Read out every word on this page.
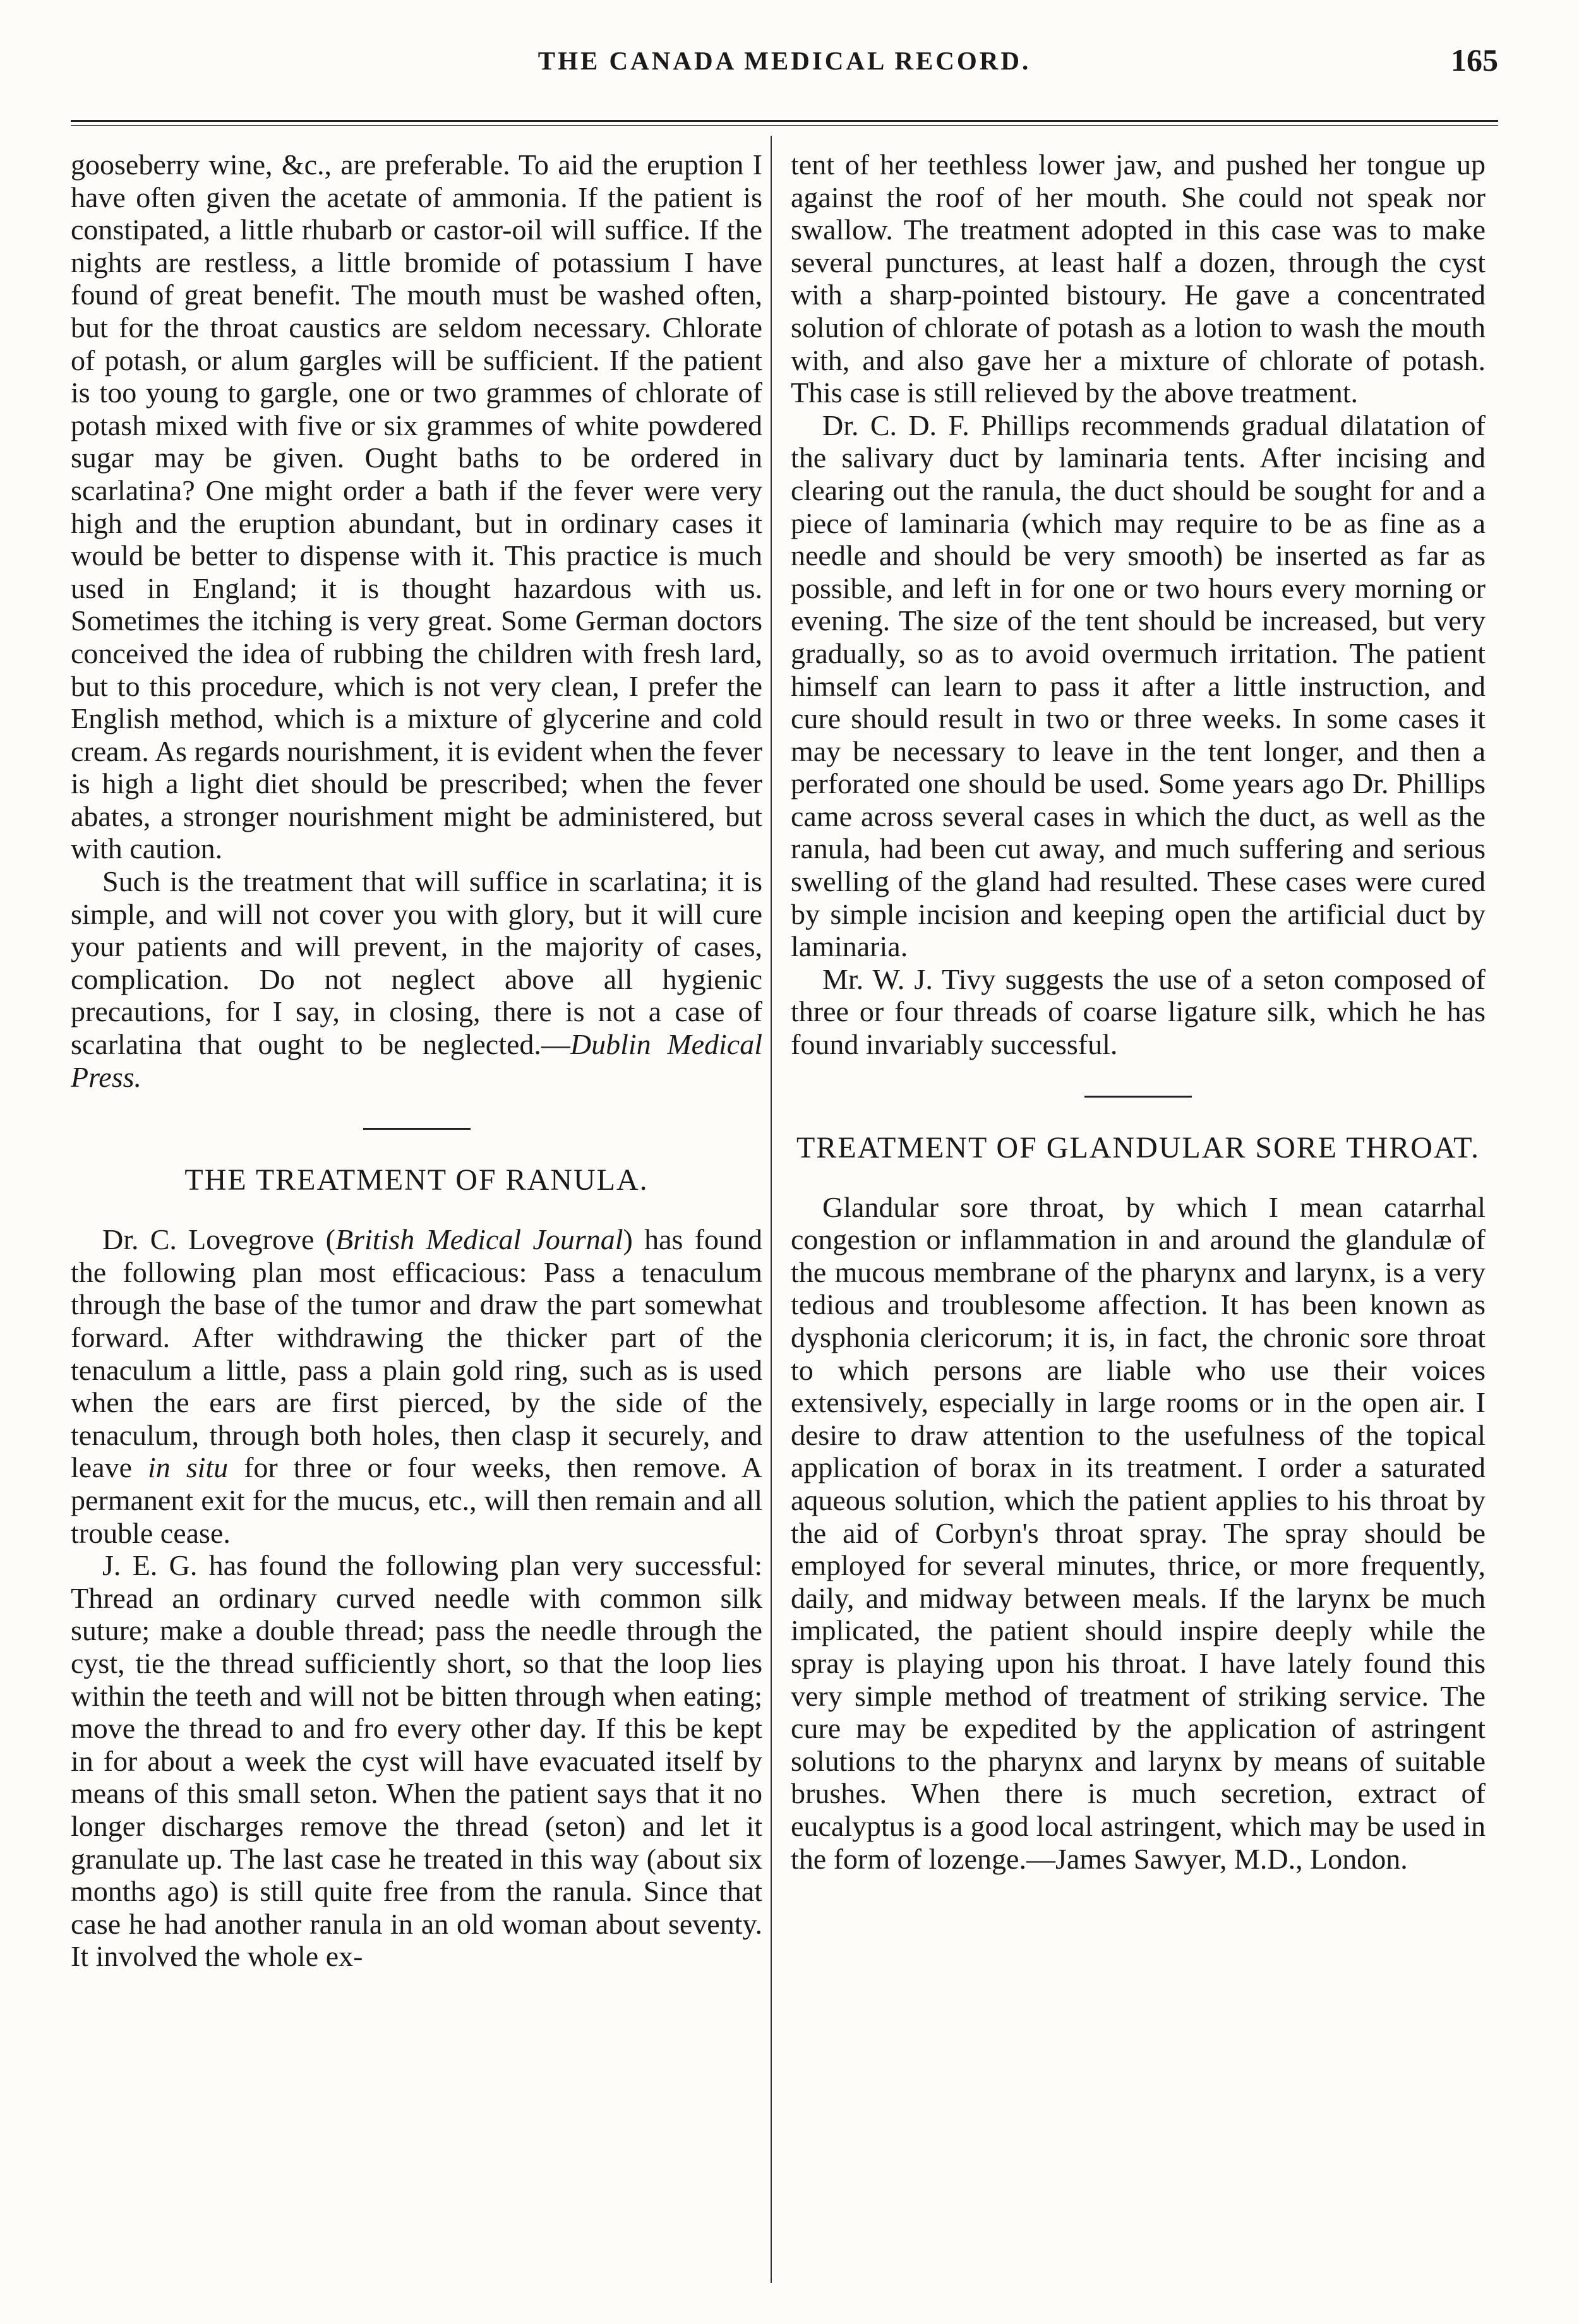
THE CANADA MEDICAL RECORD.	165

gooseberry wine, &c., are preferable. To aid the eruption I have often given the acetate of ammonia. If the patient is constipated, a little rhubarb or castor-oil will suffice. If the nights are restless, a little bromide of potassium I have found of great benefit. The mouth must be washed often, but for the throat caustics are seldom necessary. Chlorate of potash, or alum gargles will be sufficient. If the patient is too young to gargle, one or two grammes of chlorate of potash mixed with five or six grammes of white powdered sugar may be given. Ought baths to be ordered in scarlatina? One might order a bath if the fever were very high and the eruption abundant, but in ordinary cases it would be better to dispense with it. This practice is much used in England; it is thought hazardous with us. Sometimes the itching is very great. Some German doctors conceived the idea of rubbing the children with fresh lard, but to this procedure, which is not very clean, I prefer the English method, which is a mixture of glycerine and cold cream. As regards nourishment, it is evident when the fever is high a light diet should be prescribed; when the fever abates, a stronger nourishment might be administered, but with caution.

Such is the treatment that will suffice in scarlatina; it is simple, and will not cover you with glory, but it will cure your patients and will prevent, in the majority of cases, complication. Do not neglect above all hygienic precautions, for I say, in closing, there is not a case of scarlatina that ought to be neglected.—Dublin Medical Press.

THE TREATMENT OF RANULA.

Dr. C. Lovegrove (British Medical Journal) has found the following plan most efficacious: Pass a tenaculum through the base of the tumor and draw the part somewhat forward. After withdrawing the thicker part of the tenaculum a little, pass a plain gold ring, such as is used when the ears are first pierced, by the side of the tenaculum, through both holes, then clasp it securely, and leave in situ for three or four weeks, then remove. A permanent exit for the mucus, etc., will then remain and all trouble cease.

J. E. G. has found the following plan very successful: Thread an ordinary curved needle with common silk suture; make a double thread; pass the needle through the cyst, tie the thread sufficiently short, so that the loop lies within the teeth and will not be bitten through when eating; move the thread to and fro every other day. If this be kept in for about a week the cyst will have evacuated itself by means of this small seton. When the patient says that it no longer discharges remove the thread (seton) and let it granulate up. The last case he treated in this way (about six months ago) is still quite free from the ranula. Since that case he had another ranula in an old woman about seventy. It involved the whole ex-

tent of her teethless lower jaw, and pushed her tongue up against the roof of her mouth. She could not speak nor swallow. The treatment adopted in this case was to make several punctures, at least half a dozen, through the cyst with a sharp-pointed bistoury. He gave a concentrated solution of chlorate of potash as a lotion to wash the mouth with, and also gave her a mixture of chlorate of potash. This case is still relieved by the above treatment.

Dr. C. D. F. Phillips recommends gradual dilatation of the salivary duct by laminaria tents. After incising and clearing out the ranula, the duct should be sought for and a piece of laminaria (which may require to be as fine as a needle and should be very smooth) be inserted as far as possible, and left in for one or two hours every morning or evening. The size of the tent should be increased, but very gradually, so as to avoid overmuch irritation. The patient himself can learn to pass it after a little instruction, and cure should result in two or three weeks. In some cases it may be necessary to leave in the tent longer, and then a perforated one should be used. Some years ago Dr. Phillips came across several cases in which the duct, as well as the ranula, had been cut away, and much suffering and serious swelling of the gland had resulted. These cases were cured by simple incision and keeping open the artificial duct by laminaria.

Mr. W. J. Tivy suggests the use of a seton composed of three or four threads of coarse ligature silk, which he has found invariably successful.

TREATMENT OF GLANDULAR SORE THROAT.

Glandular sore throat, by which I mean catarrhal congestion or inflammation in and around the glandulæ of the mucous membrane of the pharynx and larynx, is a very tedious and troublesome affection. It has been known as dysphonia clericorum; it is, in fact, the chronic sore throat to which persons are liable who use their voices extensively, especially in large rooms or in the open air. I desire to draw attention to the usefulness of the topical application of borax in its treatment. I order a saturated aqueous solution, which the patient applies to his throat by the aid of Corbyn's throat spray. The spray should be employed for several minutes, thrice, or more frequently, daily, and midway between meals. If the larynx be much implicated, the patient should inspire deeply while the spray is playing upon his throat. I have lately found this very simple method of treatment of striking service. The cure may be expedited by the application of astringent solutions to the pharynx and larynx by means of suitable brushes. When there is much secretion, extract of eucalyptus is a good local astringent, which may be used in the form of lozenge.—James Sawyer, M.D., London.
